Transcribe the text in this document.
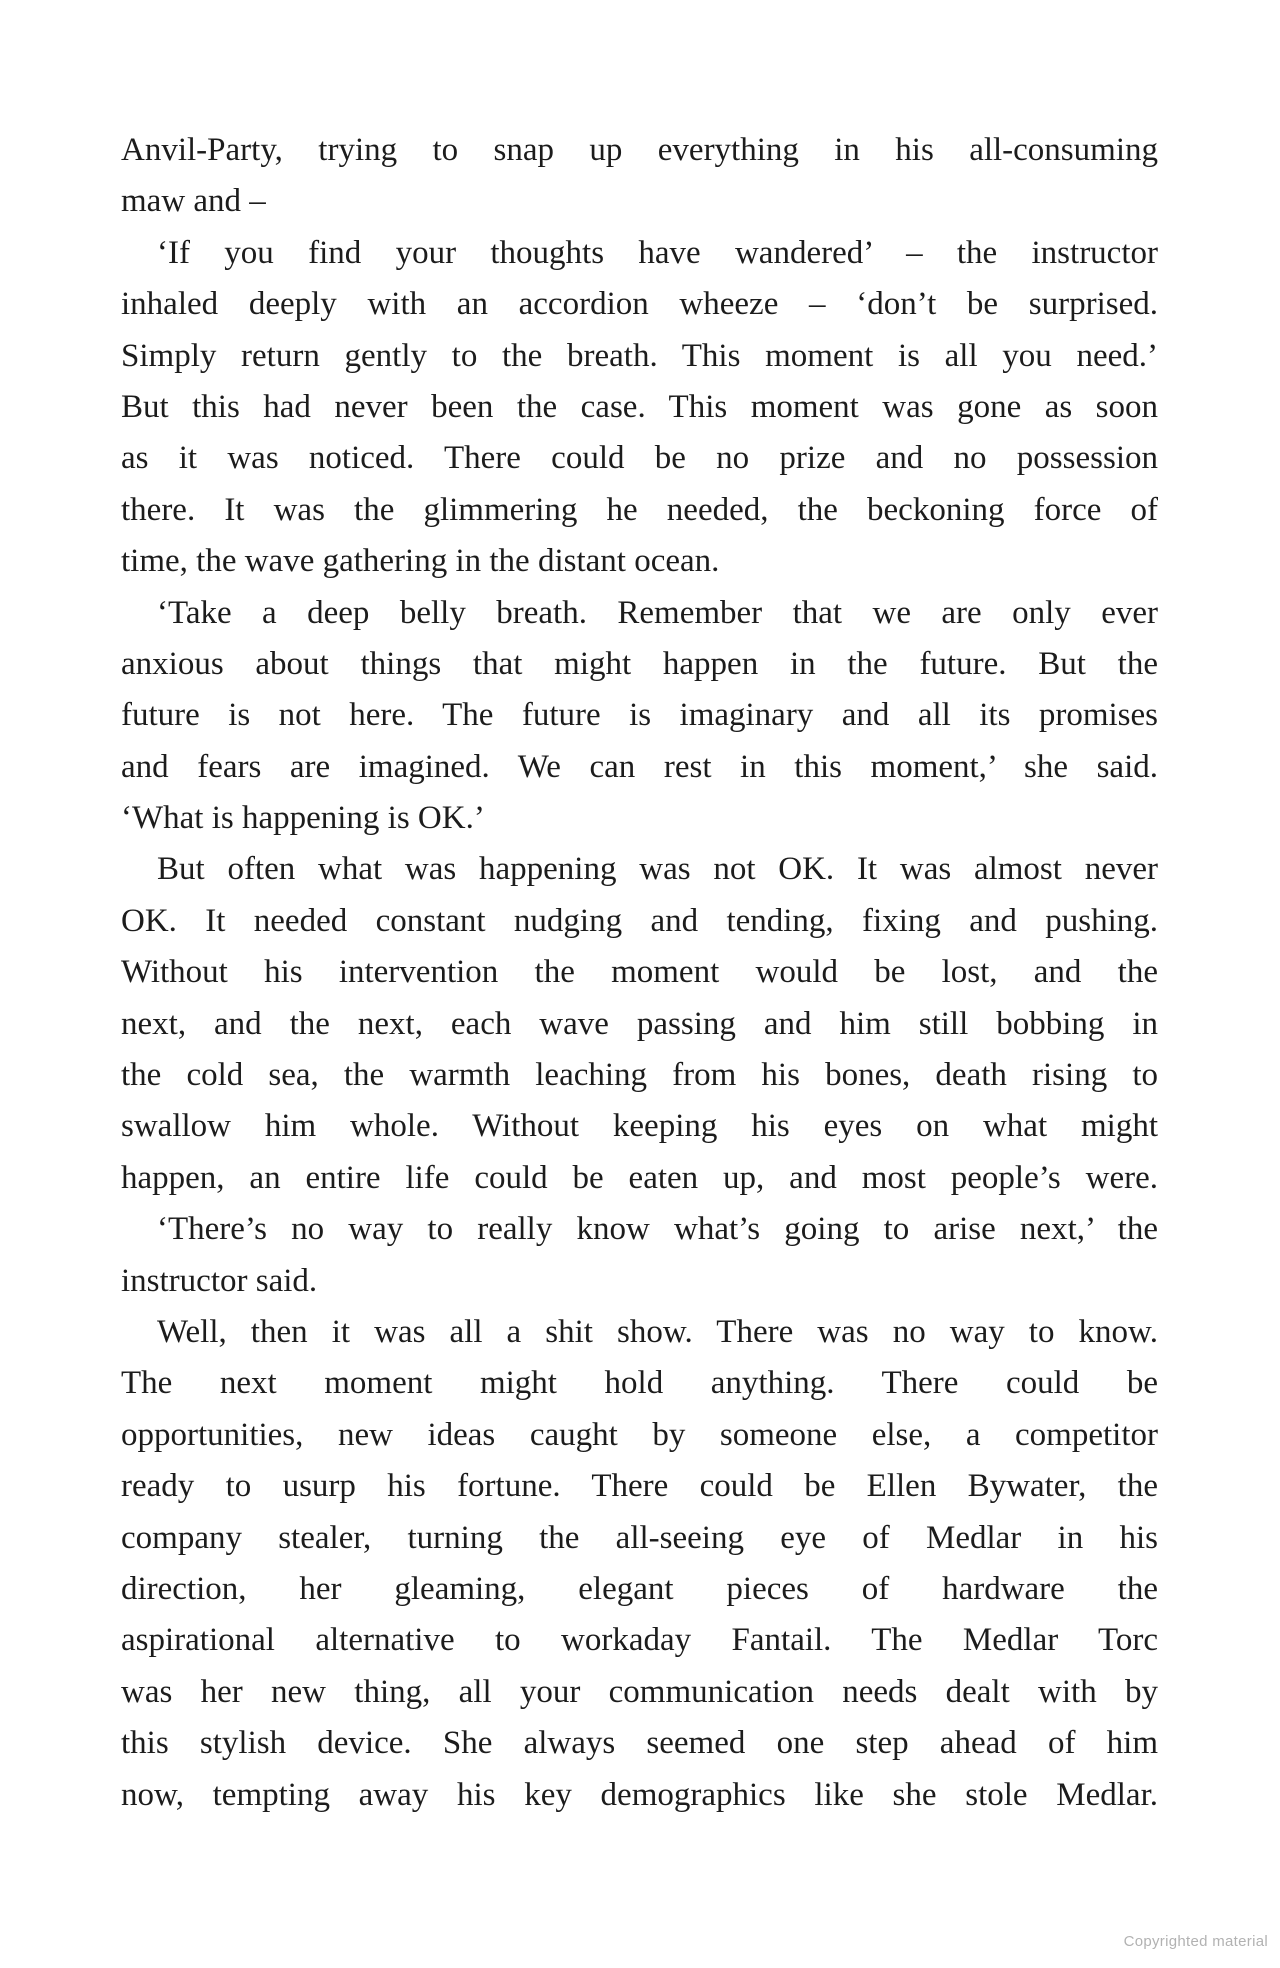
Anvil-Party, trying to snap up everything in his all-consuming
maw and –
‘If you find your thoughts have wandered’ – the instructor
inhaled deeply with an accordion wheeze – ‘don’t be surprised.
Simply return gently to the breath. This moment is all you need.’
But this had never been the case. This moment was gone as soon
as it was noticed. There could be no prize and no possession
there. It was the glimmering he needed, the beckoning force of
time, the wave gathering in the distant ocean.
‘Take a deep belly breath. Remember that we are only ever
anxious about things that might happen in the future. But the
future is not here. The future is imaginary and all its promises
and fears are imagined. We can rest in this moment,’ she said.
‘What is happening is OK.’
But often what was happening was not OK. It was almost never
OK. It needed constant nudging and tending, fixing and pushing.
Without his intervention the moment would be lost, and the
next, and the next, each wave passing and him still bobbing in
the cold sea, the warmth leaching from his bones, death rising to
swallow him whole. Without keeping his eyes on what might
happen, an entire life could be eaten up, and most people’s were.
‘There’s no way to really know what’s going to arise next,’ the
instructor said.
Well, then it was all a shit show. There was no way to know.
The next moment might hold anything. There could be
opportunities, new ideas caught by someone else, a competitor
ready to usurp his fortune. There could be Ellen Bywater, the
company stealer, turning the all-seeing eye of Medlar in his
direction, her gleaming, elegant pieces of hardware the
aspirational alternative to workaday Fantail. The Medlar Torc
was her new thing, all your communication needs dealt with by
this stylish device. She always seemed one step ahead of him
now, tempting away his key demographics like she stole Medlar.
Copyrighted material
